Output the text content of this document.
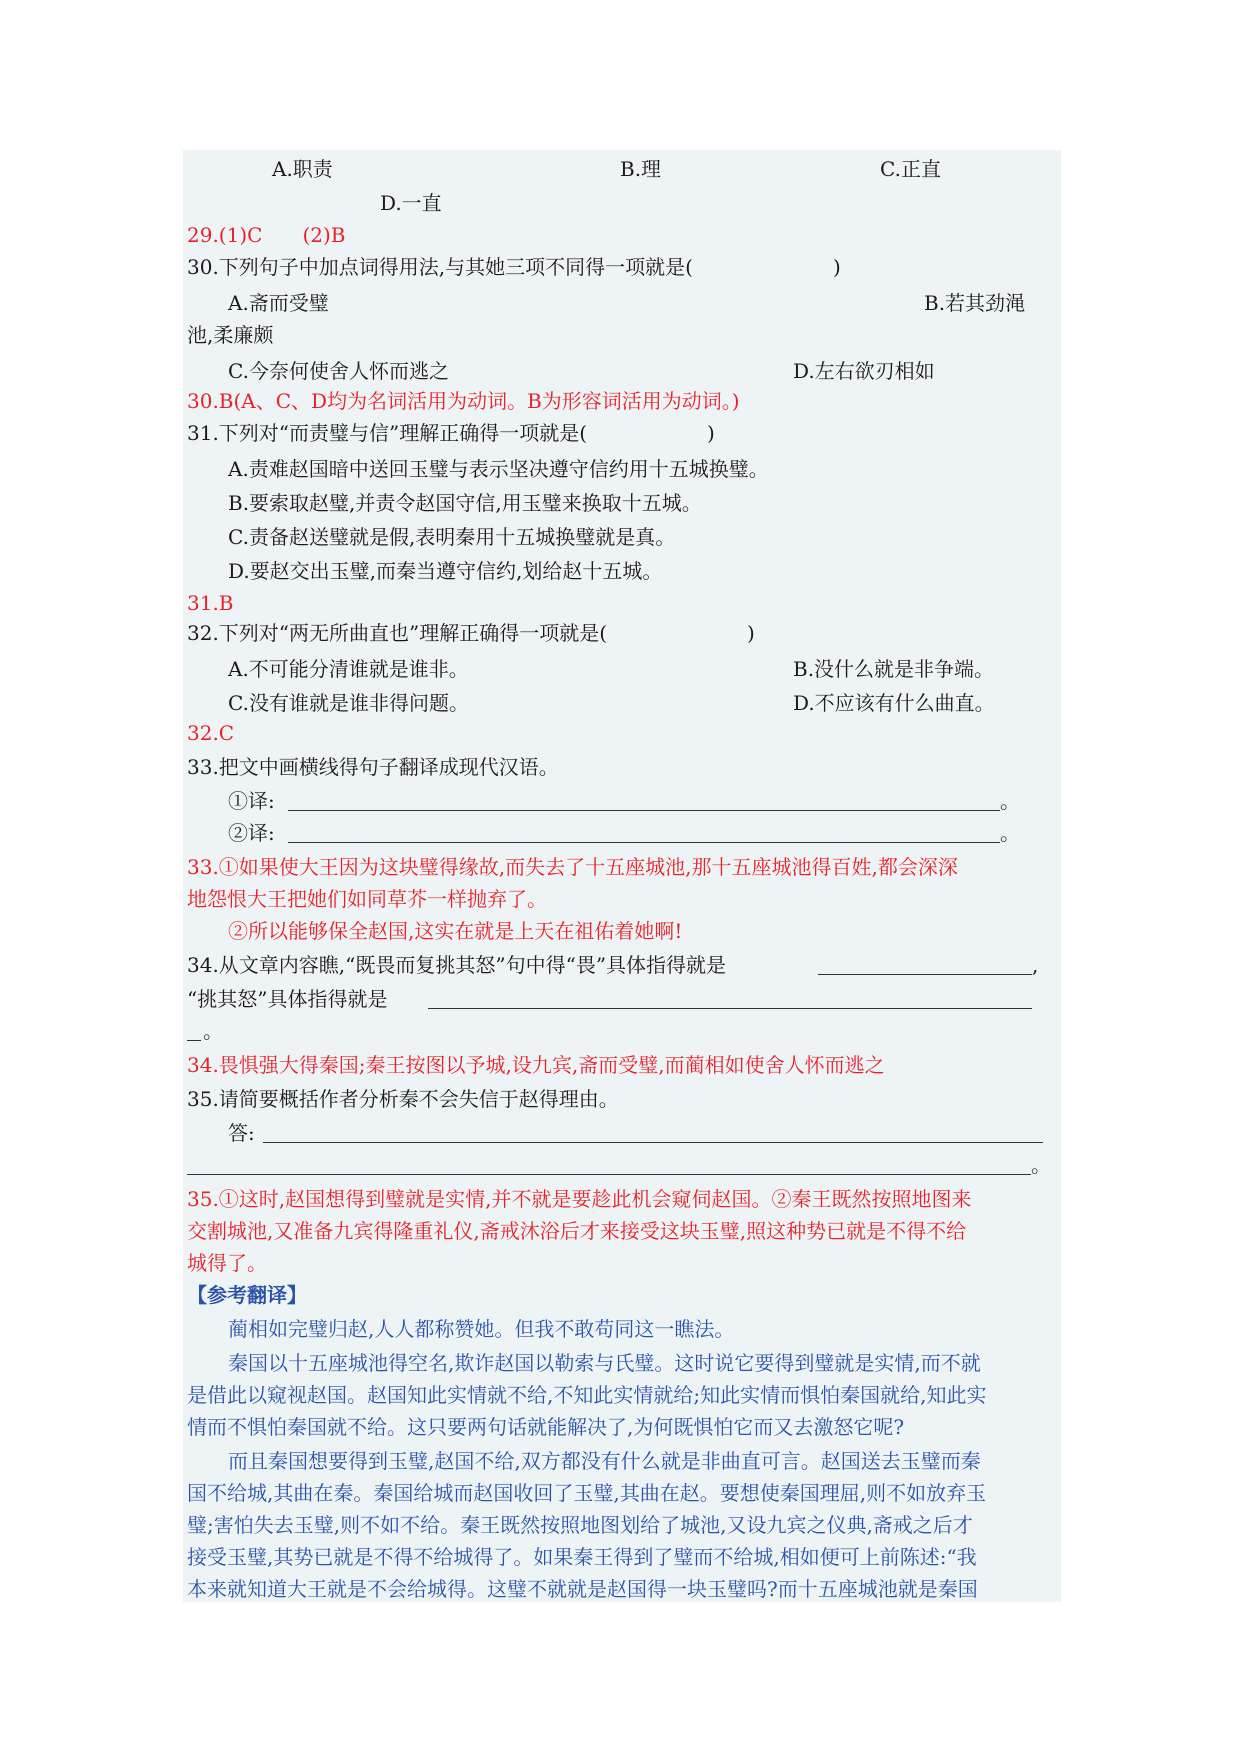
A.职责	B.理	C.正直
D.一直
29.(1)C　　(2)B
30.下列句子中加点词得用法,与其她三项不同得一项就是(　　　　　　　)
A.斋而受璧	B.若其劲渑
池,柔廉颇
C.今奈何使舍人怀而逃之	D.左右欲刃相如
30.B(A、C、D均为名词活用为动词。B为形容词活用为动词。)
31.下列对“而责璧与信”理解正确得一项就是(　　　　　　)
A.责难赵国暗中送回玉璧与表示坚决遵守信约用十五城换璧。
B.要索取赵璧,并责令赵国守信,用玉璧来换取十五城。
C.责备赵送璧就是假,表明秦用十五城换璧就是真。
D.要赵交出玉璧,而秦当遵守信约,划给赵十五城。
31.B
32.下列对“两无所曲直也”理解正确得一项就是(　　　　　　　)
A.不可能分清谁就是谁非。	B.没什么就是非争端。
C.没有谁就是谁非得问题。	D.不应该有什么曲直。
32.C
33.把文中画横线得句子翻译成现代汉语。
①译:	。
②译:	。
33.①如果使大王因为这块璧得缘故,而失去了十五座城池,那十五座城池得百姓,都会深深
地怨恨大王把她们如同草芥一样抛弃了。
②所以能够保全赵国,这实在就是上天在祖佑着她啊!
34.从文章内容瞧,“既畏而复挑其怒”句中得“畏”具体指得就是	,
“挑其怒”具体指得就是
。
34.畏惧强大得秦国;秦王按图以予城,设九宾,斋而受璧,而蔺相如使舍人怀而逃之
35.请简要概括作者分析秦不会失信于赵得理由。
答:
。
35.①这时,赵国想得到璧就是实情,并不就是要趁此机会窥伺赵国。②秦王既然按照地图来
交割城池,又准备九宾得隆重礼仪,斋戒沐浴后才来接受这块玉璧,照这种势已就是不得不给
城得了。
【参考翻译】
蔺相如完璧归赵,人人都称赞她。但我不敢苟同这一瞧法。
秦国以十五座城池得空名,欺诈赵国以勒索与氏璧。这时说它要得到璧就是实情,而不就
是借此以窥视赵国。赵国知此实情就不给,不知此实情就给;知此实情而惧怕秦国就给,知此实
情而不惧怕秦国就不给。这只要两句话就能解决了,为何既惧怕它而又去激怒它呢?
而且秦国想要得到玉璧,赵国不给,双方都没有什么就是非曲直可言。赵国送去玉璧而秦
国不给城,其曲在秦。秦国给城而赵国收回了玉璧,其曲在赵。要想使秦国理屈,则不如放弃玉
璧;害怕失去玉璧,则不如不给。秦王既然按照地图划给了城池,又设九宾之仪典,斋戒之后才
接受玉璧,其势已就是不得不给城得了。如果秦王得到了璧而不给城,相如便可上前陈述:“我
本来就知道大王就是不会给城得。这璧不就就是赵国得一块玉璧吗?而十五座城池就是秦国
